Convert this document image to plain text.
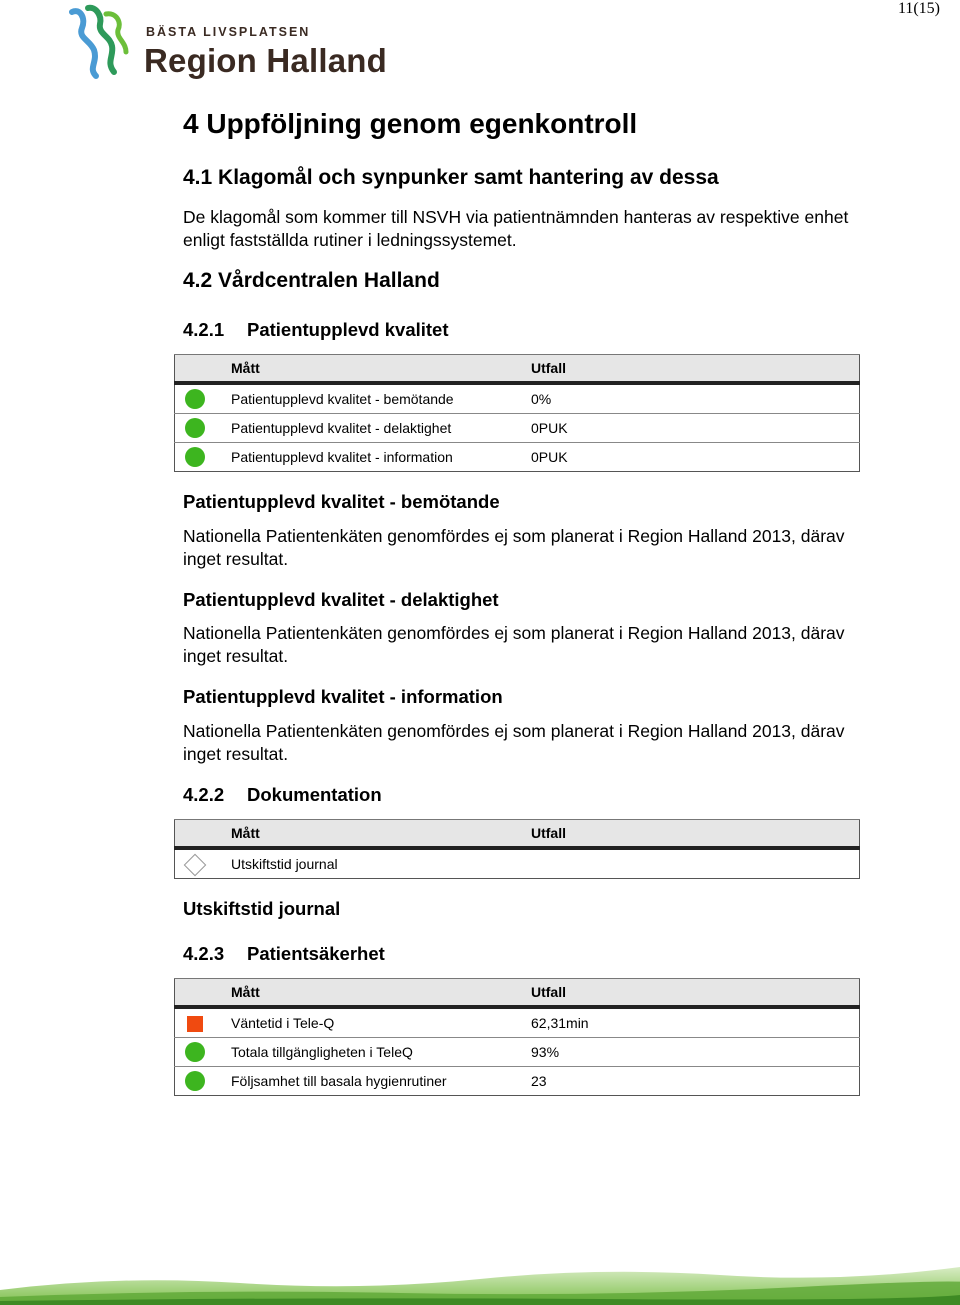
11(15)
BÄSTA LIVSPLATSEN
Region Halland
4 Uppföljning genom egenkontroll
4.1 Klagomål och synpunker samt hantering av dessa
De klagomål som kommer till NSVH via patientnämnden hanteras av respektive enhet enligt fastställda rutiner i ledningssystemet.
4.2 Vårdcentralen Halland
4.2.1 Patientupplevd kvalitet
Patientupplevd kvalitet - bemötande
Nationella Patientenkäten genomfördes ej som planerat i Region Halland 2013, därav inget resultat.
Patientupplevd kvalitet - delaktighet
Nationella Patientenkäten genomfördes ej som planerat i Region Halland 2013, därav inget resultat.
Patientupplevd kvalitet - information
Nationella Patientenkäten genomfördes ej som planerat i Region Halland 2013, därav inget resultat.
4.2.2 Dokumentation
Utskiftstid journal
4.2.3 Patientsäkerhet
		Mått	Utfall
		Patientupplevd kvalitet - bemötande	0%
		Patientupplevd kvalitet - delaktighet	0PUK
		Patientupplevd kvalitet - information	0PUK
		Mått	Utfall
		Utskiftstid journal	
		Mått	Utfall
		Väntetid i Tele-Q	62,31min
		Totala tillgängligheten i TeleQ	93%
		Följsamhet till basala hygienrutiner	23
